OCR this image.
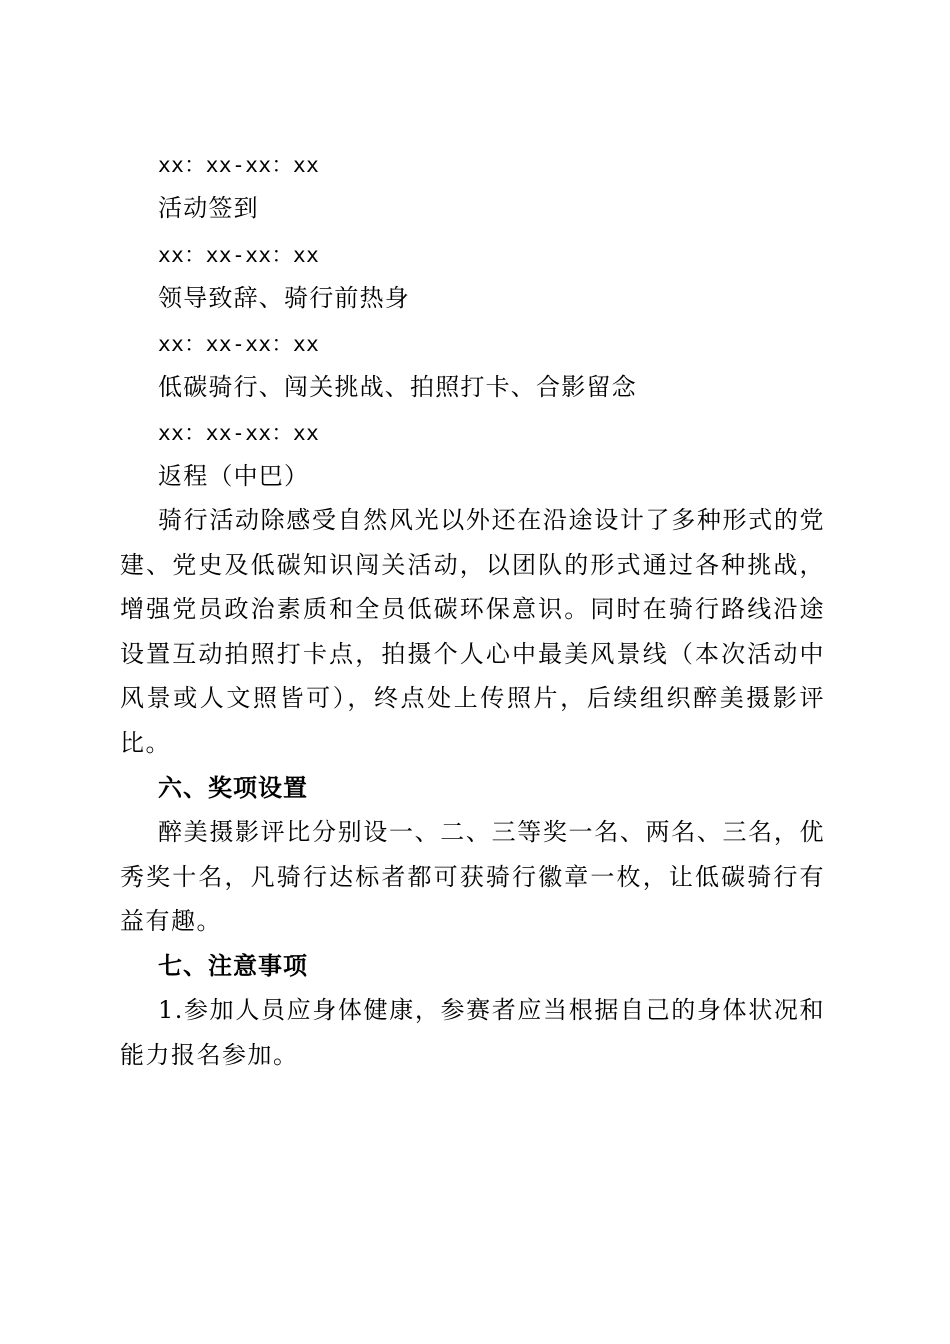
xx：xx-xx：xx
活动签到
xx：xx-xx：xx
领导致辞、骑行前热身
xx：xx-xx：xx
低碳骑行、闯关挑战、拍照打卡、合影留念
xx：xx-xx：xx
返程（中巴）
骑行活动除感受自然风光以外还在沿途设计了多种形式的党建、党史及低碳知识闯关活动，以团队的形式通过各种挑战，增强党员政治素质和全员低碳环保意识。同时在骑行路线沿途设置互动拍照打卡点，拍摄个人心中最美风景线（本次活动中风景或人文照皆可），终点处上传照片，后续组织醉美摄影评比。
六、奖项设置
醉美摄影评比分别设一、二、三等奖一名、两名、三名，优秀奖十名，凡骑行达标者都可获骑行徽章一枚，让低碳骑行有益有趣。
七、注意事项
1.参加人员应身体健康，参赛者应当根据自己的身体状况和能力报名参加。
